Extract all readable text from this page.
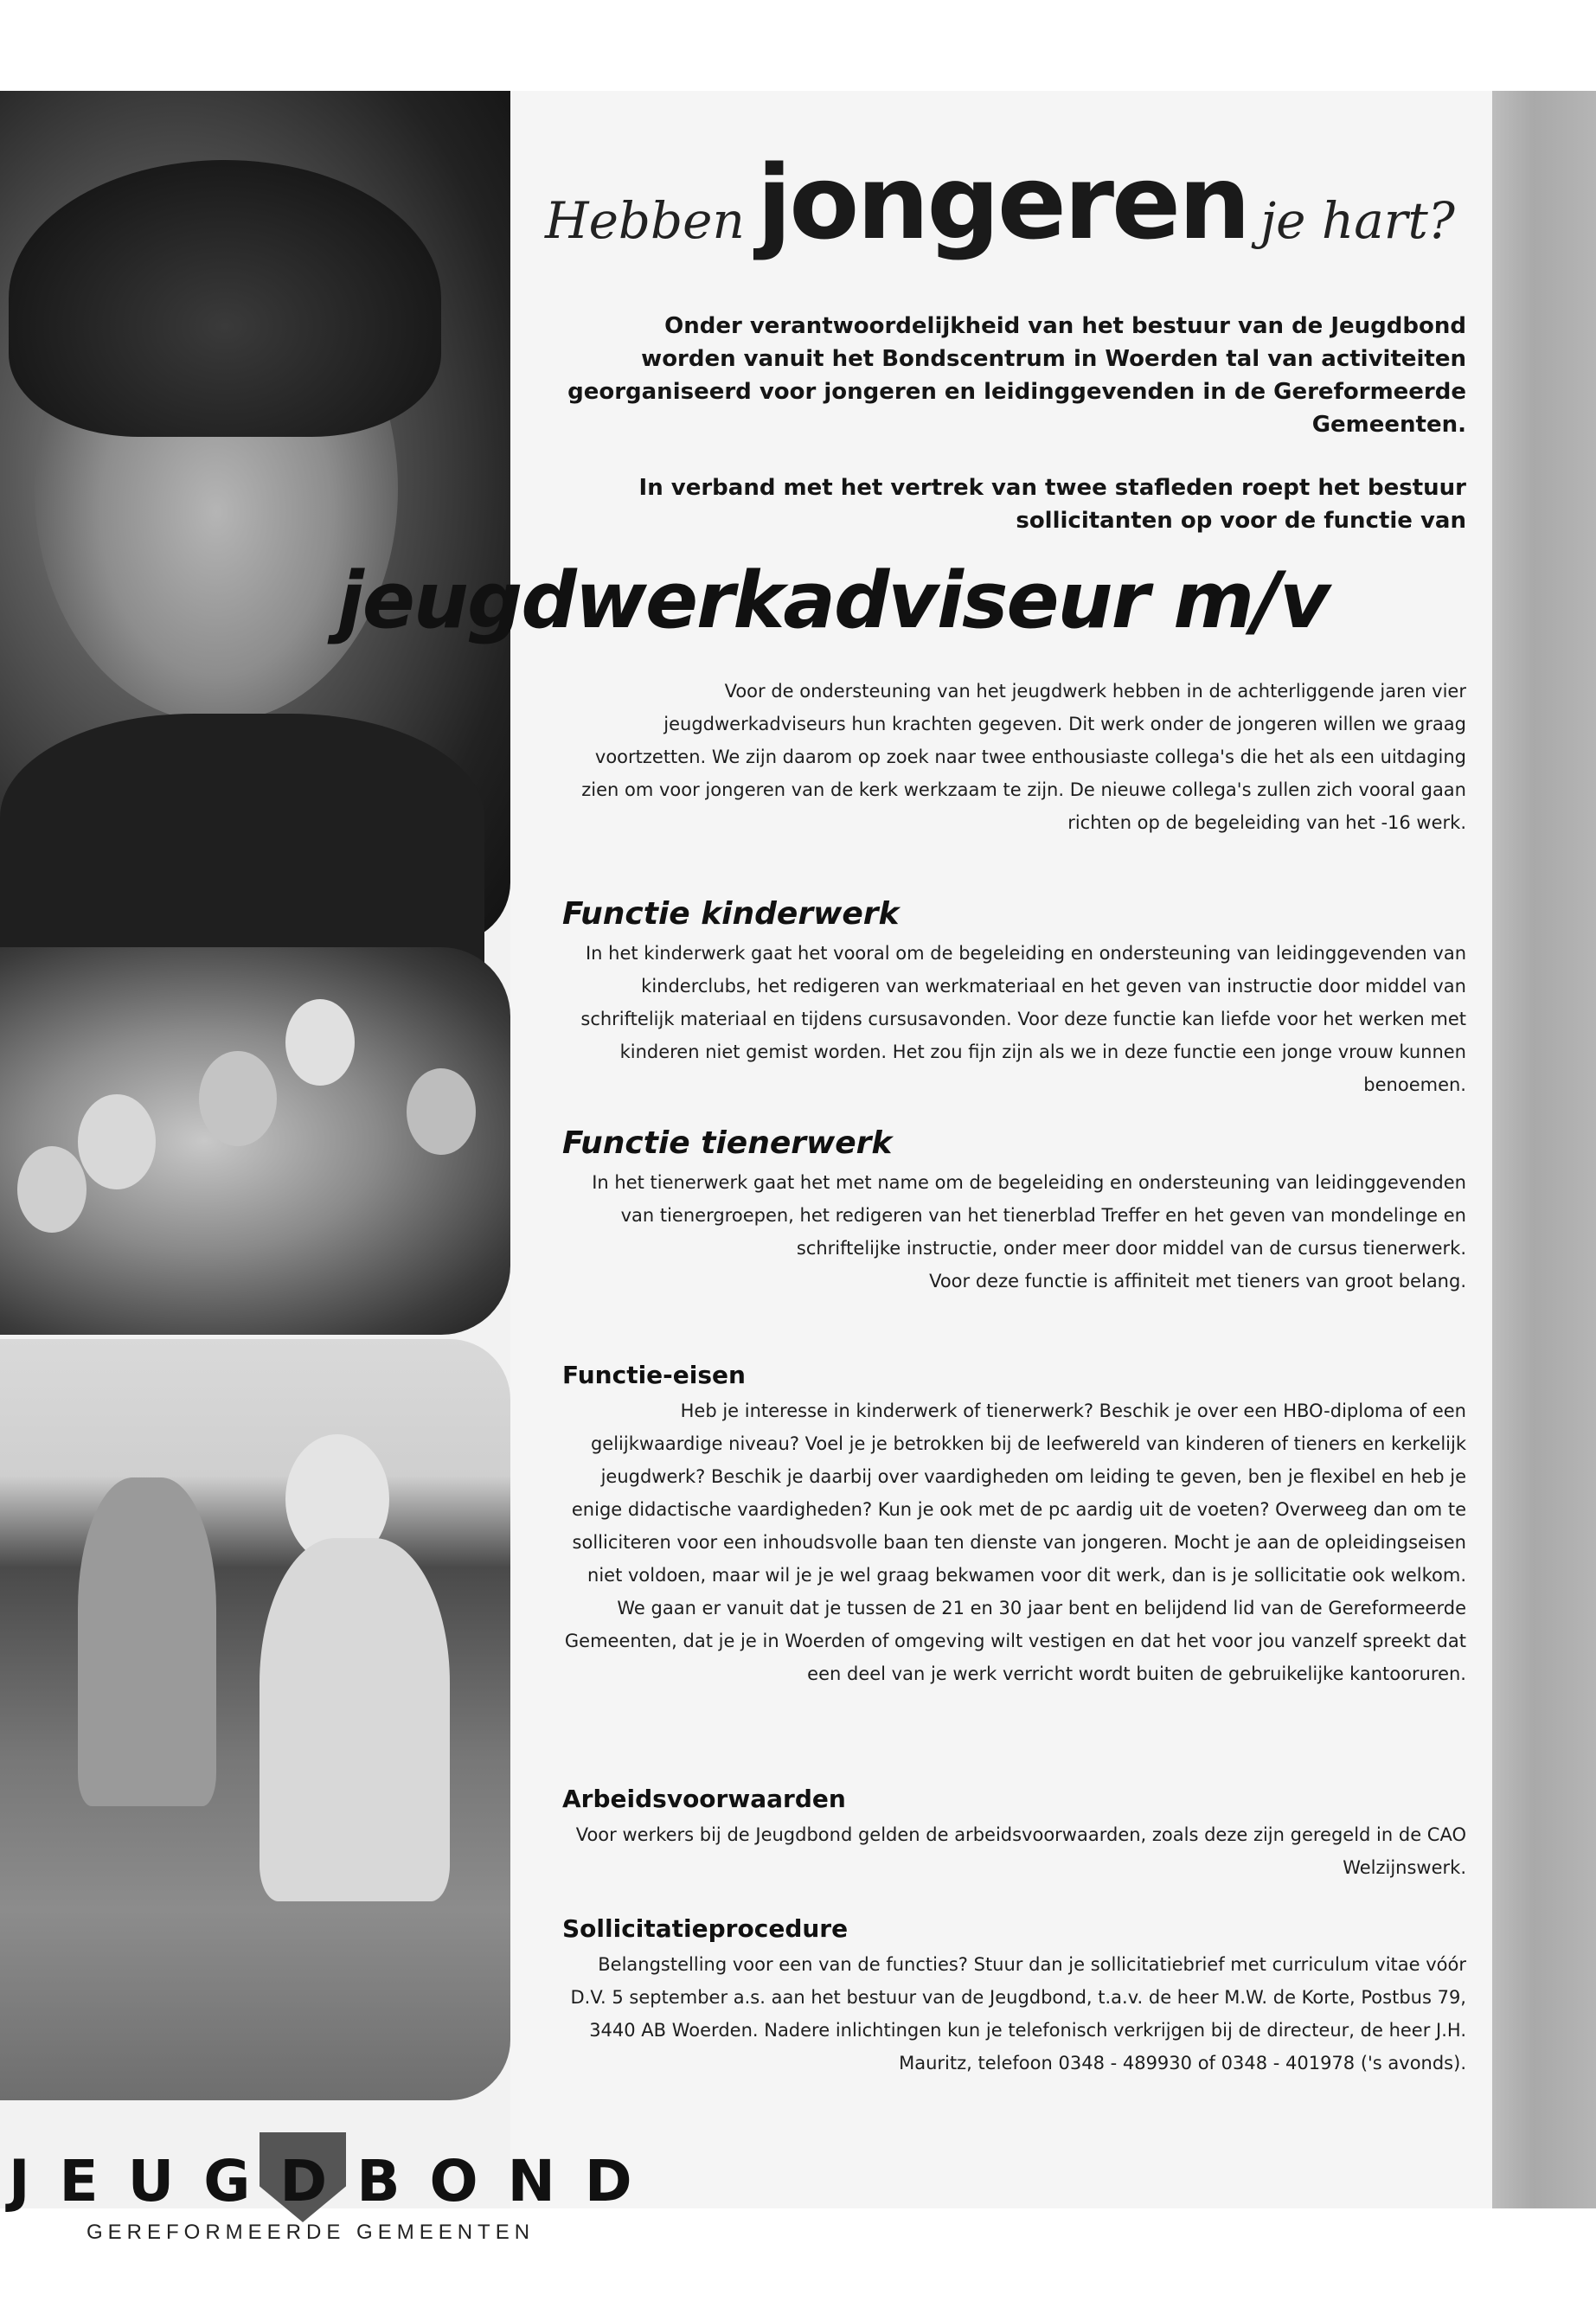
JEUGDBOND
GEREFORMEERDE GEMEENTEN
Hebben jongeren je hart?
Onder verantwoordelijkheid van het bestuur van de Jeugdbond worden vanuit het Bondscentrum in Woerden tal van activiteiten georganiseerd voor jongeren en leidinggevenden in de Gereformeerde Gemeenten.
In verband met het vertrek van twee stafleden roept het bestuur sollicitanten op voor de functie van
jeugdwerkadviseur m/v

Voor de ondersteuning van het jeugdwerk hebben in de achterliggende jaren vier jeugdwerkadviseurs hun krachten gegeven. Dit werk onder de jongeren willen we graag voortzetten. We zijn daarom op zoek naar twee enthousiaste collega's die het als een uitdaging zien om voor jongeren van de kerk werkzaam te zijn. De nieuwe collega's zullen zich vooral gaan richten op de begeleiding van het -16 werk.

Functie kinderwerk

In het kinderwerk gaat het vooral om de begeleiding en ondersteuning van leidinggevenden van kinderclubs, het redigeren van werkmateriaal en het geven van instructie door middel van schriftelijk materiaal en tijdens cursusavonden. Voor deze functie kan liefde voor het werken met kinderen niet gemist worden. Het zou fijn zijn als we in deze functie een jonge vrouw kunnen benoemen.

Functie tienerwerk

In het tienerwerk gaat het met name om de begeleiding en ondersteuning van leidinggevenden van tienergroepen, het redigeren van het tienerblad Treffer en het geven van mondelinge en schriftelijke instructie, onder meer door middel van de cursus tienerwerk.

Voor deze functie is affiniteit met tieners van groot belang.

Functie-eisen

Heb je interesse in kinderwerk of tienerwerk? Beschik je over een HBO-diploma of een gelijkwaardige niveau? Voel je je betrokken bij de leefwereld van kinderen of tieners en kerkelijk jeugdwerk? Beschik je daarbij over vaardigheden om leiding te geven, ben je flexibel en heb je enige didactische vaardigheden? Kun je ook met de pc aardig uit de voeten? Overweeg dan om te solliciteren voor een inhoudsvolle baan ten dienste van jongeren. Mocht je aan de opleidingseisen niet voldoen, maar wil je je wel graag bekwamen voor dit werk, dan is je sollicitatie ook welkom. We gaan er vanuit dat je tussen de 21 en 30 jaar bent en belijdend lid van de Gereformeerde Gemeenten, dat je je in Woerden of omgeving wilt vestigen en dat het voor jou vanzelf spreekt dat een deel van je werk verricht wordt buiten de gebruikelijke kantooruren.

Arbeidsvoorwaarden

Voor werkers bij de Jeugdbond gelden de arbeidsvoorwaarden, zoals deze zijn geregeld in de CAO Welzijnswerk.

Sollicitatieprocedure

Belangstelling voor een van de functies? Stuur dan je sollicitatiebrief met curriculum vitae vóór D.V. 5 september a.s. aan het bestuur van de Jeugdbond, t.a.v. de heer M.W. de Korte, Postbus 79, 3440 AB Woerden. Nadere inlichtingen kun je telefonisch verkrijgen bij de directeur, de heer J.H. Mauritz, telefoon 0348 - 489930 of 0348 - 401978 ('s avonds).
